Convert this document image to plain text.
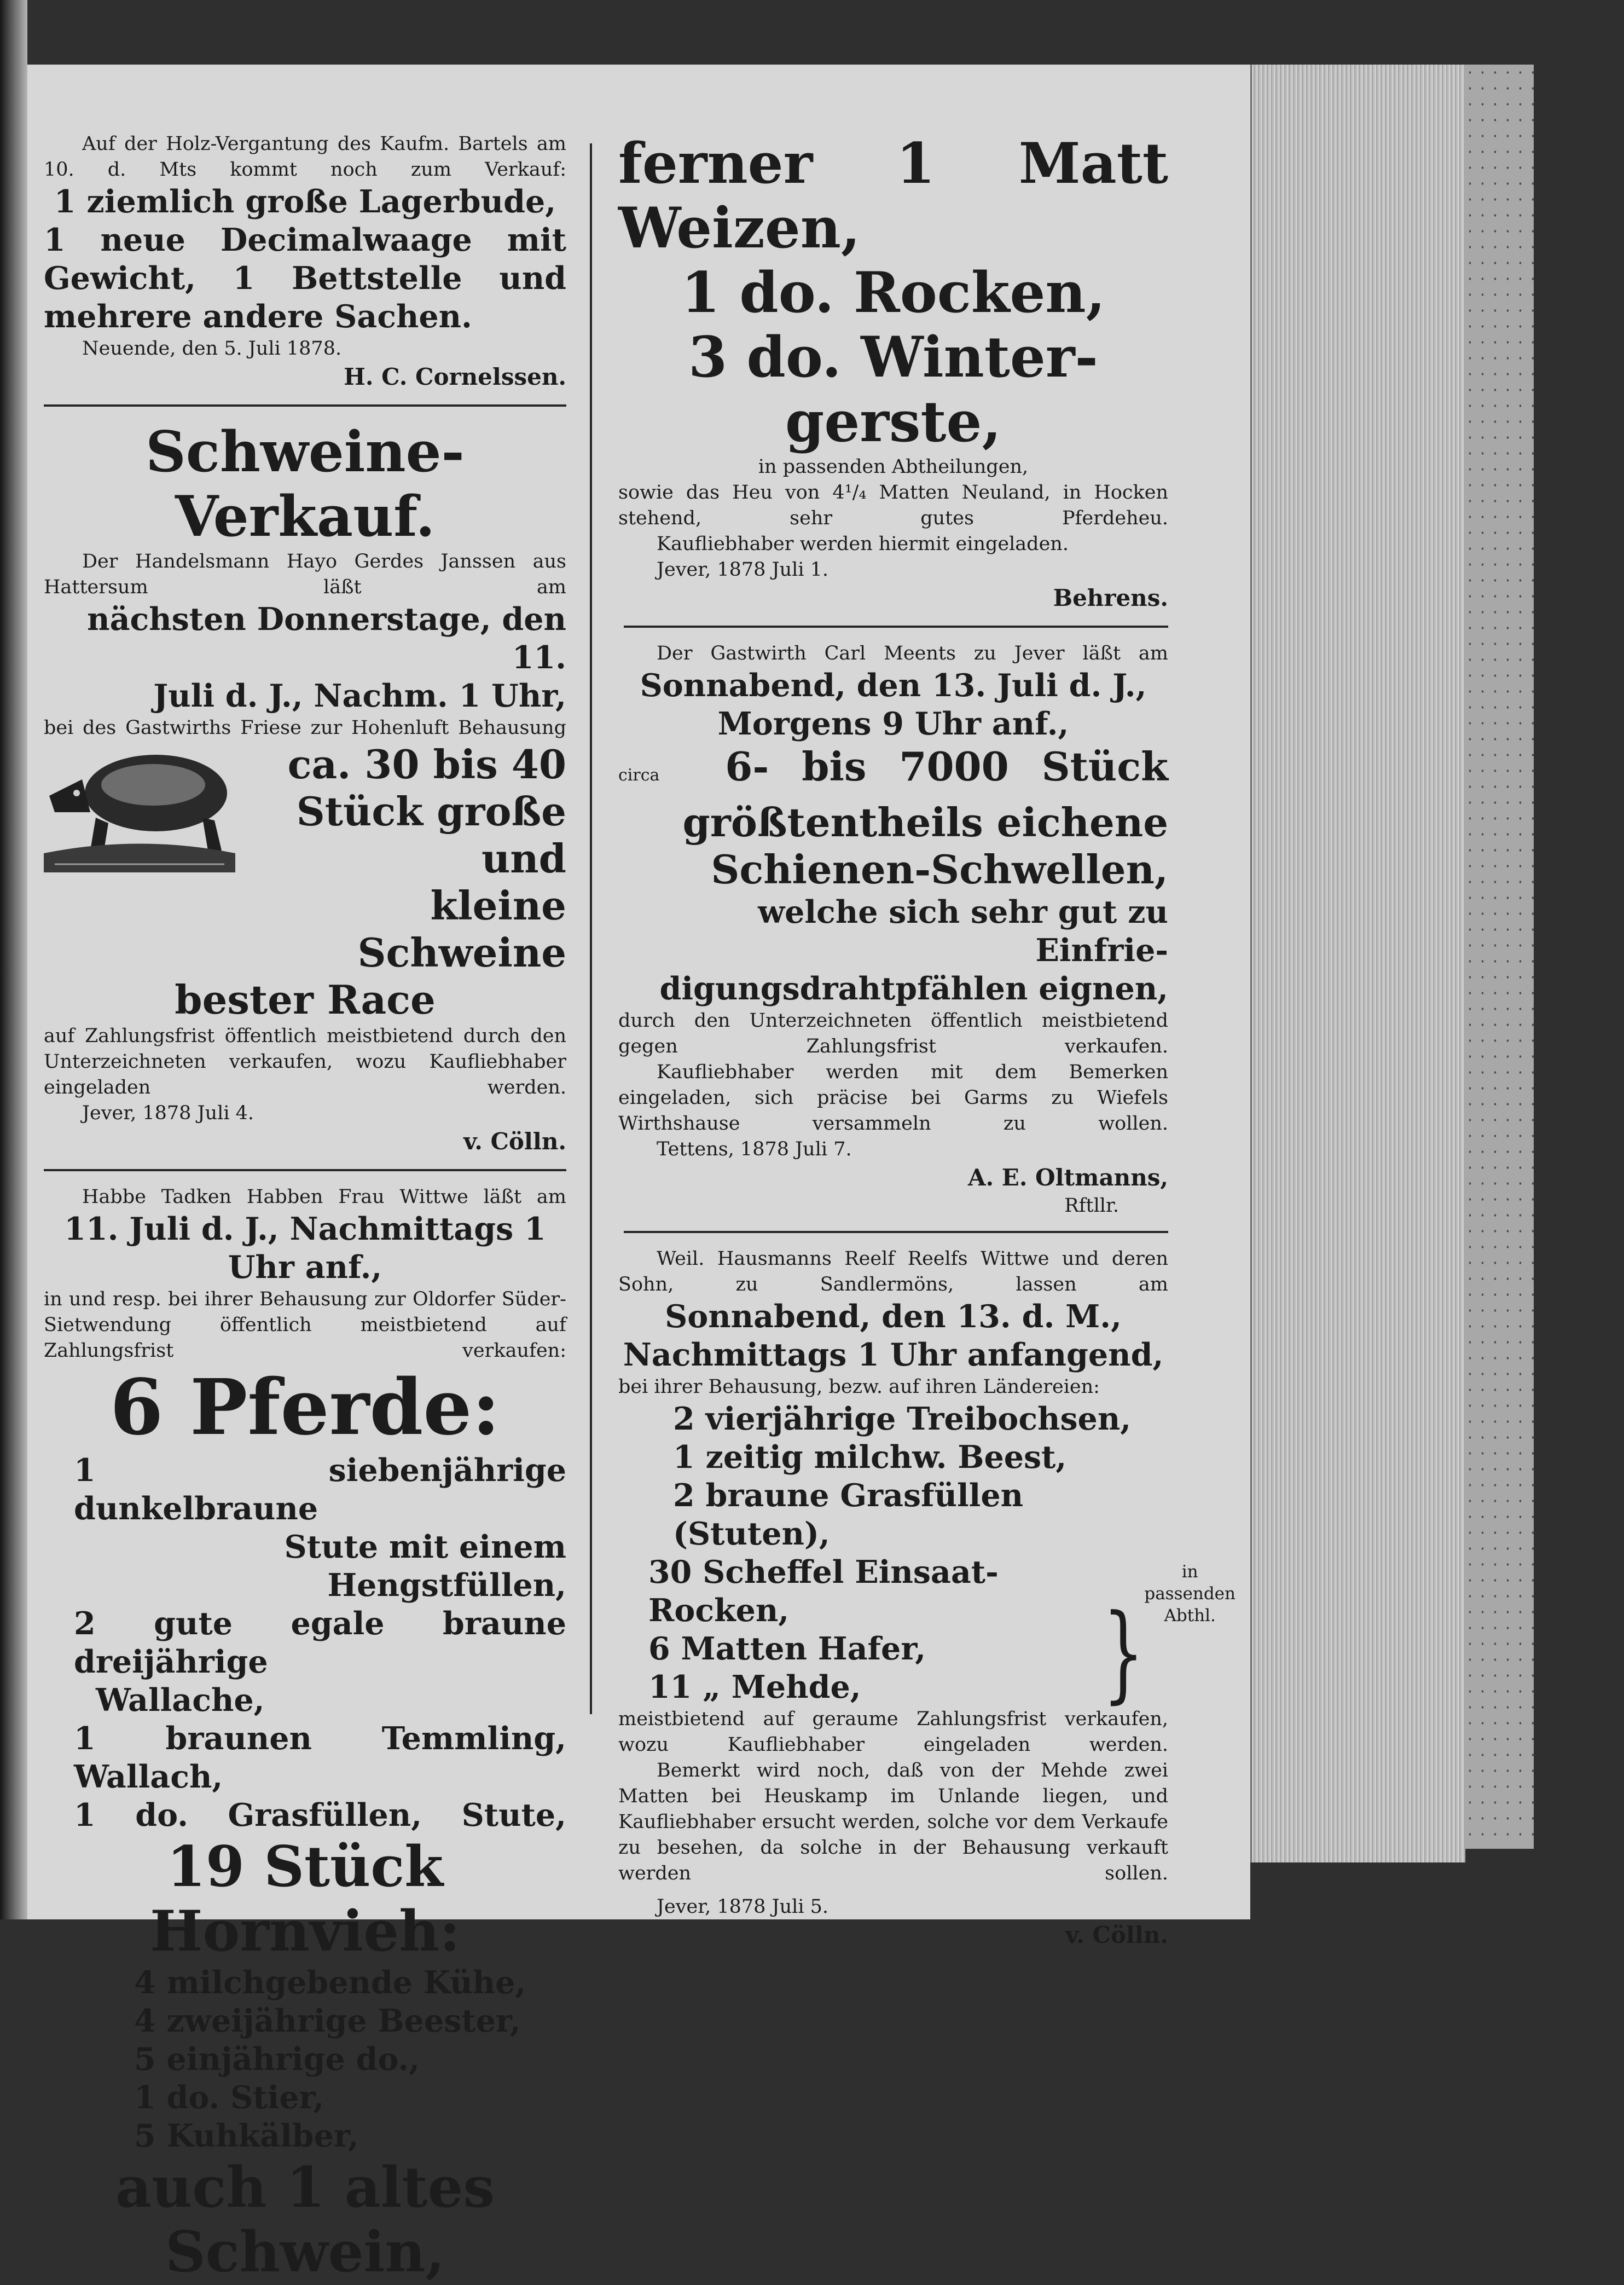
Auf der Holz-Vergantung des Kaufm. Bartels am 10. d. Mts kommt noch zum Verkauf:

1 ziemlich große Lagerbude,

1 neue Decimalwaage mit

Gewicht, 1 Bettstelle und

mehrere andere Sachen.

Neuende, den 5. Juli 1878.

H. C. Cornelssen.

Schweine-Verkauf.

Der Handelsmann Hayo Gerdes Janssen aus Hattersum läßt am

nächsten Donnerstage, den 11.

Juli d. J., Nachm. 1 Uhr,

bei des Gastwirths Friese zur Hohenluft Behausung

ca. 30 bis 40

Stück große und

kleine Schweine

bester Race

auf Zahlungsfrist öffentlich meistbietend durch den Unterzeichneten verkaufen, wozu Kaufliebhaber eingeladen werden.

Jever, 1878 Juli 4.

v. Cölln.

Habbe Tadken Habben Frau Wittwe läßt am

11. Juli d. J., Nachmittags 1 Uhr anf.,

in und resp. bei ihrer Behausung zur Oldorfer Süder-Sietwendung öffentlich meistbietend auf Zahlungsfrist verkaufen:

6 Pferde:

1 siebenjährige dunkelbraune

Stute mit einem Hengstfüllen,

2 gute egale braune dreijährige

Wallache,

1 braunen Temmling, Wallach,

1 do. Grasfüllen, Stute,

19 Stück Hornvieh:

4 milchgebende Kühe,

4 zweijährige Beester,

5 einjährige do.,

1 do. Stier,

5 Kuhkälber,

auch 1 altes Schwein,

ferner 1 Matt Weizen,

1 do. Rocken,

3 do. Winter-

gerste,

in passenden Abtheilungen,

sowie das Heu von 4¹/₄ Matten Neuland, in Hocken stehend, sehr gutes Pferdeheu.

Kaufliebhaber werden hiermit eingeladen.

Jever, 1878 Juli 1.

Behrens.

Der Gastwirth Carl Meents zu Jever läßt am

Sonnabend, den 13. Juli d. J.,

Morgens 9 Uhr anf.,

circa 6- bis 7000 Stück

größtentheils eichene

Schienen-Schwellen,

welche sich sehr gut zu Einfrie-

digungsdrahtpfählen eignen,

durch den Unterzeichneten öffentlich meistbietend gegen Zahlungsfrist verkaufen.

Kaufliebhaber werden mit dem Bemerken eingeladen, sich präcise bei Garms zu Wiefels Wirthshause versammeln zu wollen.

Tettens, 1878 Juli 7.

A. E. Oltmanns,

Rftllr.

Weil. Hausmanns Reelf Reelfs Wittwe und deren Sohn, zu Sandlermöns, lassen am

Sonnabend, den 13. d. M.,

Nachmittags 1 Uhr anfangend,

bei ihrer Behausung, bezw. auf ihren Ländereien:

2 vierjährige Treibochsen,

1 zeitig milchw. Beest,

2 braune Grasfüllen (Stuten),

30 Scheffel Einsaat-Rocken,

6 Matten Hafer,

11 „ Mehde,	}
in passenden Abthl.

meistbietend auf geraume Zahlungsfrist verkaufen, wozu Kaufliebhaber eingeladen werden.

Bemerkt wird noch, daß von der Mehde zwei Matten bei Heuskamp im Unlande liegen, und Kaufliebhaber ersucht werden, solche vor dem Verkaufe zu besehen, da solche in der Behausung verkauft werden sollen.

Jever, 1878 Juli 5.

v. Cölln.
